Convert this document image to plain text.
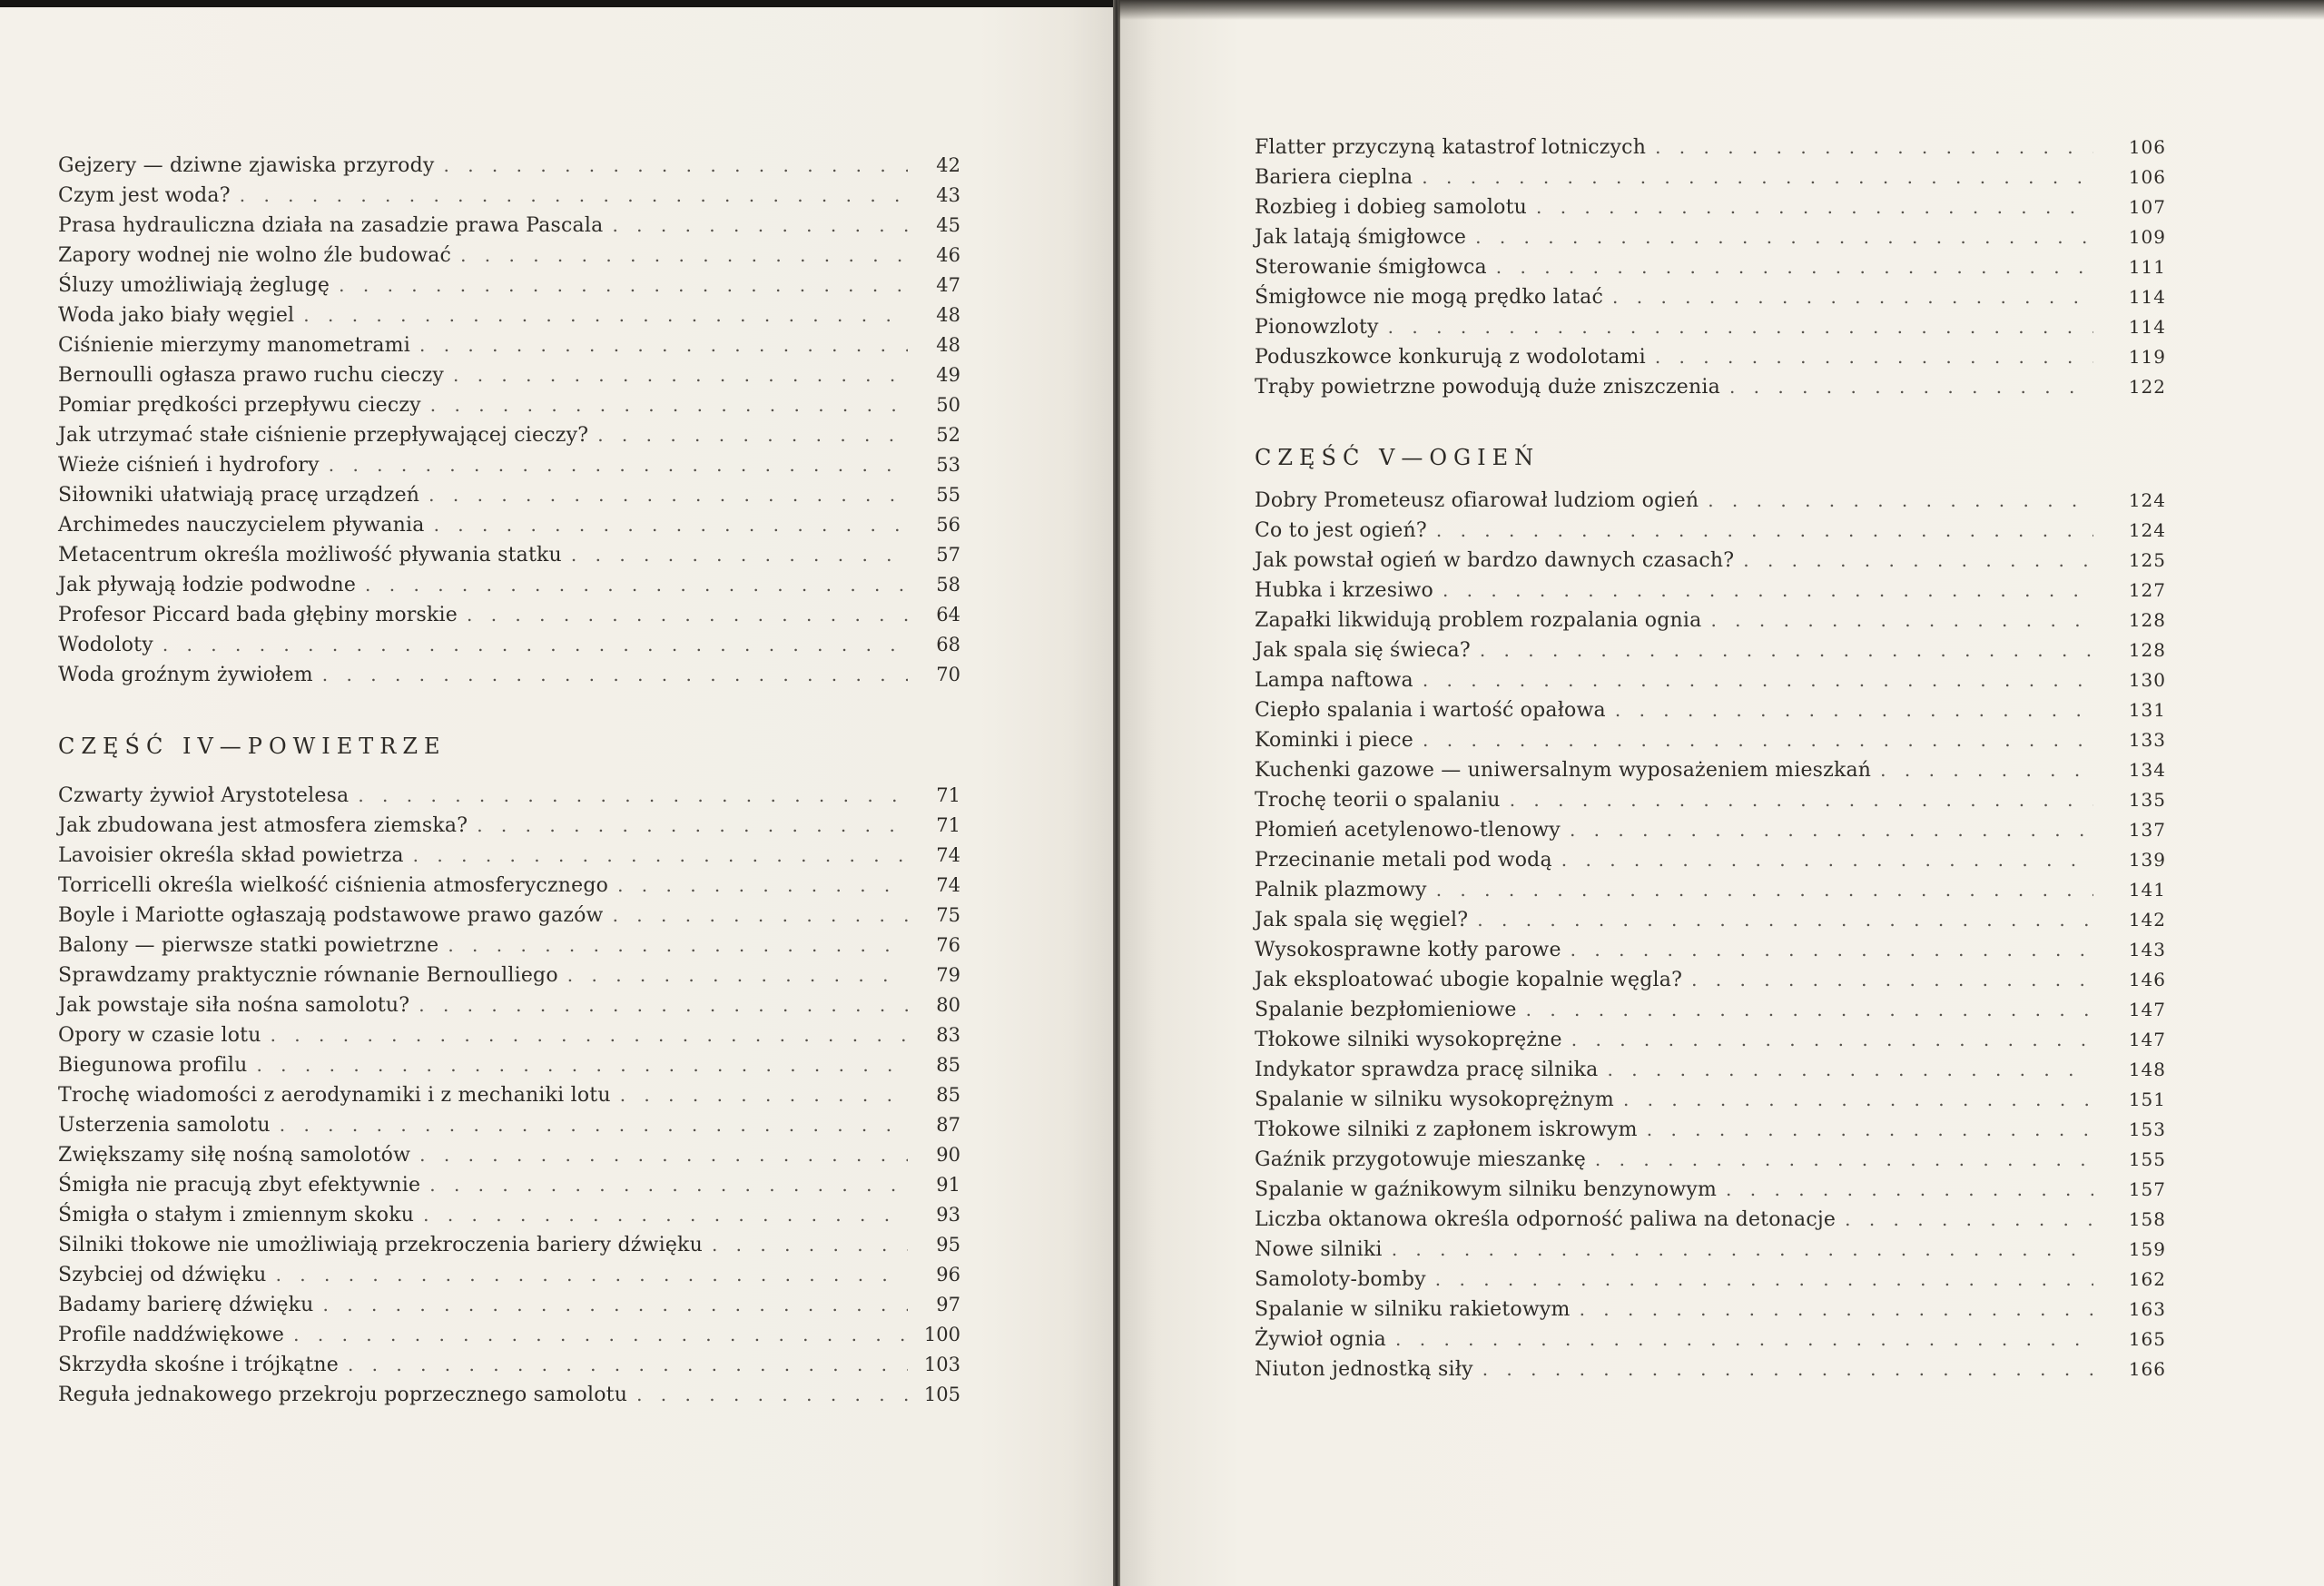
Gejzery — dziwne zjawiska przyrody . . .	42
Czym jest woda? . . .	43
Prasa hydrauliczna działa na zasadzie prawa Pascala . . .	45
Zapory wodnej nie wolno źle budować . . .	46
Śluzy umożliwiają żeglugę . . .	47
Woda jako biały węgiel . . .	48
Ciśnienie mierzymy manometrami . . .	48
Bernoulli ogłasza prawo ruchu cieczy . . .	49
Pomiar prędkości przepływu cieczy . . .	50
Jak utrzymać stałe ciśnienie przepływającej cieczy? . . .	52
Wieże ciśnień i hydrofory . . .	53
Siłowniki ułatwiają pracę urządzeń . . .	55
Archimedes nauczycielem pływania . . .	56
Metacentrum określa możliwość pływania statku . . .	57
Jak pływają łodzie podwodne . . .	58
Profesor Piccard bada głębiny morskie . . .	64
Wodoloty . . .	68
Woda groźnym żywiołem . . .	70
CZĘŚĆ IV—POWIETRZE
Czwarty żywioł Arystotelesa . . .	71
Jak zbudowana jest atmosfera ziemska? . . .	71
Lavoisier określa skład powietrza . . .	74
Torricelli określa wielkość ciśnienia atmosferycznego . . .	74
Boyle i Mariotte ogłaszają podstawowe prawo gazów . . .	75
Balony — pierwsze statki powietrzne . . .	76
Sprawdzamy praktycznie równanie Bernoulliego . . .	79
Jak powstaje siła nośna samolotu? . . .	80
Opory w czasie lotu . . .	83
Biegunowa profilu . . .	85
Trochę wiadomości z aerodynamiki i z mechaniki lotu . . .	85
Usterzenia samolotu . . .	87
Zwiększamy siłę nośną samolotów . . .	90
Śmigła nie pracują zbyt efektywnie . . .	91
Śmigła o stałym i zmiennym skoku . . .	93
Silniki tłokowe nie umożliwiają przekroczenia bariery dźwięku . . .	95
Szybciej od dźwięku . . .	96
Badamy barierę dźwięku . . .	97
Profile naddźwiękowe . . .	100
Skrzydła skośne i trójkątne . . .	103
Reguła jednakowego przekroju poprzecznego samolotu . . .	105
Flatter przyczyną katastrof lotniczych . . .	106
Bariera cieplna . . .	106
Rozbieg i dobieg samolotu . . .	107
Jak latają śmigłowce . . .	109
Sterowanie śmigłowca . . .	111
Śmigłowce nie mogą prędko latać . . .	114
Pionowzloty . . .	114
Poduszkowce konkurują z wodolotami . . .	119
Trąby powietrzne powodują duże zniszczenia . . .	122
CZĘŚĆ V—OGIEŃ
Dobry Prometeusz ofiarował ludziom ogień . . .	124
Co to jest ogień? . . .	124
Jak powstał ogień w bardzo dawnych czasach? . . .	125
Hubka i krzesiwo . . .	127
Zapałki likwidują problem rozpalania ognia . . .	128
Jak spala się świeca? . . .	128
Lampa naftowa . . .	130
Ciepło spalania i wartość opałowa . . .	131
Kominki i piece . . .	133
Kuchenki gazowe — uniwersalnym wyposażeniem mieszkań . . .	134
Trochę teorii o spalaniu . . .	135
Płomień acetylenowo-tlenowy . . .	137
Przecinanie metali pod wodą . . .	139
Palnik plazmowy . . .	141
Jak spala się węgiel? . . .	142
Wysokosprawne kotły parowe . . .	143
Jak eksploatować ubogie kopalnie węgla? . . .	146
Spalanie bezpłomieniowe . . .	147
Tłokowe silniki wysokoprężne . . .	147
Indykator sprawdza pracę silnika . . .	148
Spalanie w silniku wysokoprężnym . . .	151
Tłokowe silniki z zapłonem iskrowym . . .	153
Gaźnik przygotowuje mieszankę . . .	155
Spalanie w gaźnikowym silniku benzynowym . . .	157
Liczba oktanowa określa odporność paliwa na detonacje . . .	158
Nowe silniki . . .	159
Samoloty-bomby . . .	162
Spalanie w silniku rakietowym . . .	163
Żywioł ognia . . .	165
Niuton jednostką siły . . .	166
